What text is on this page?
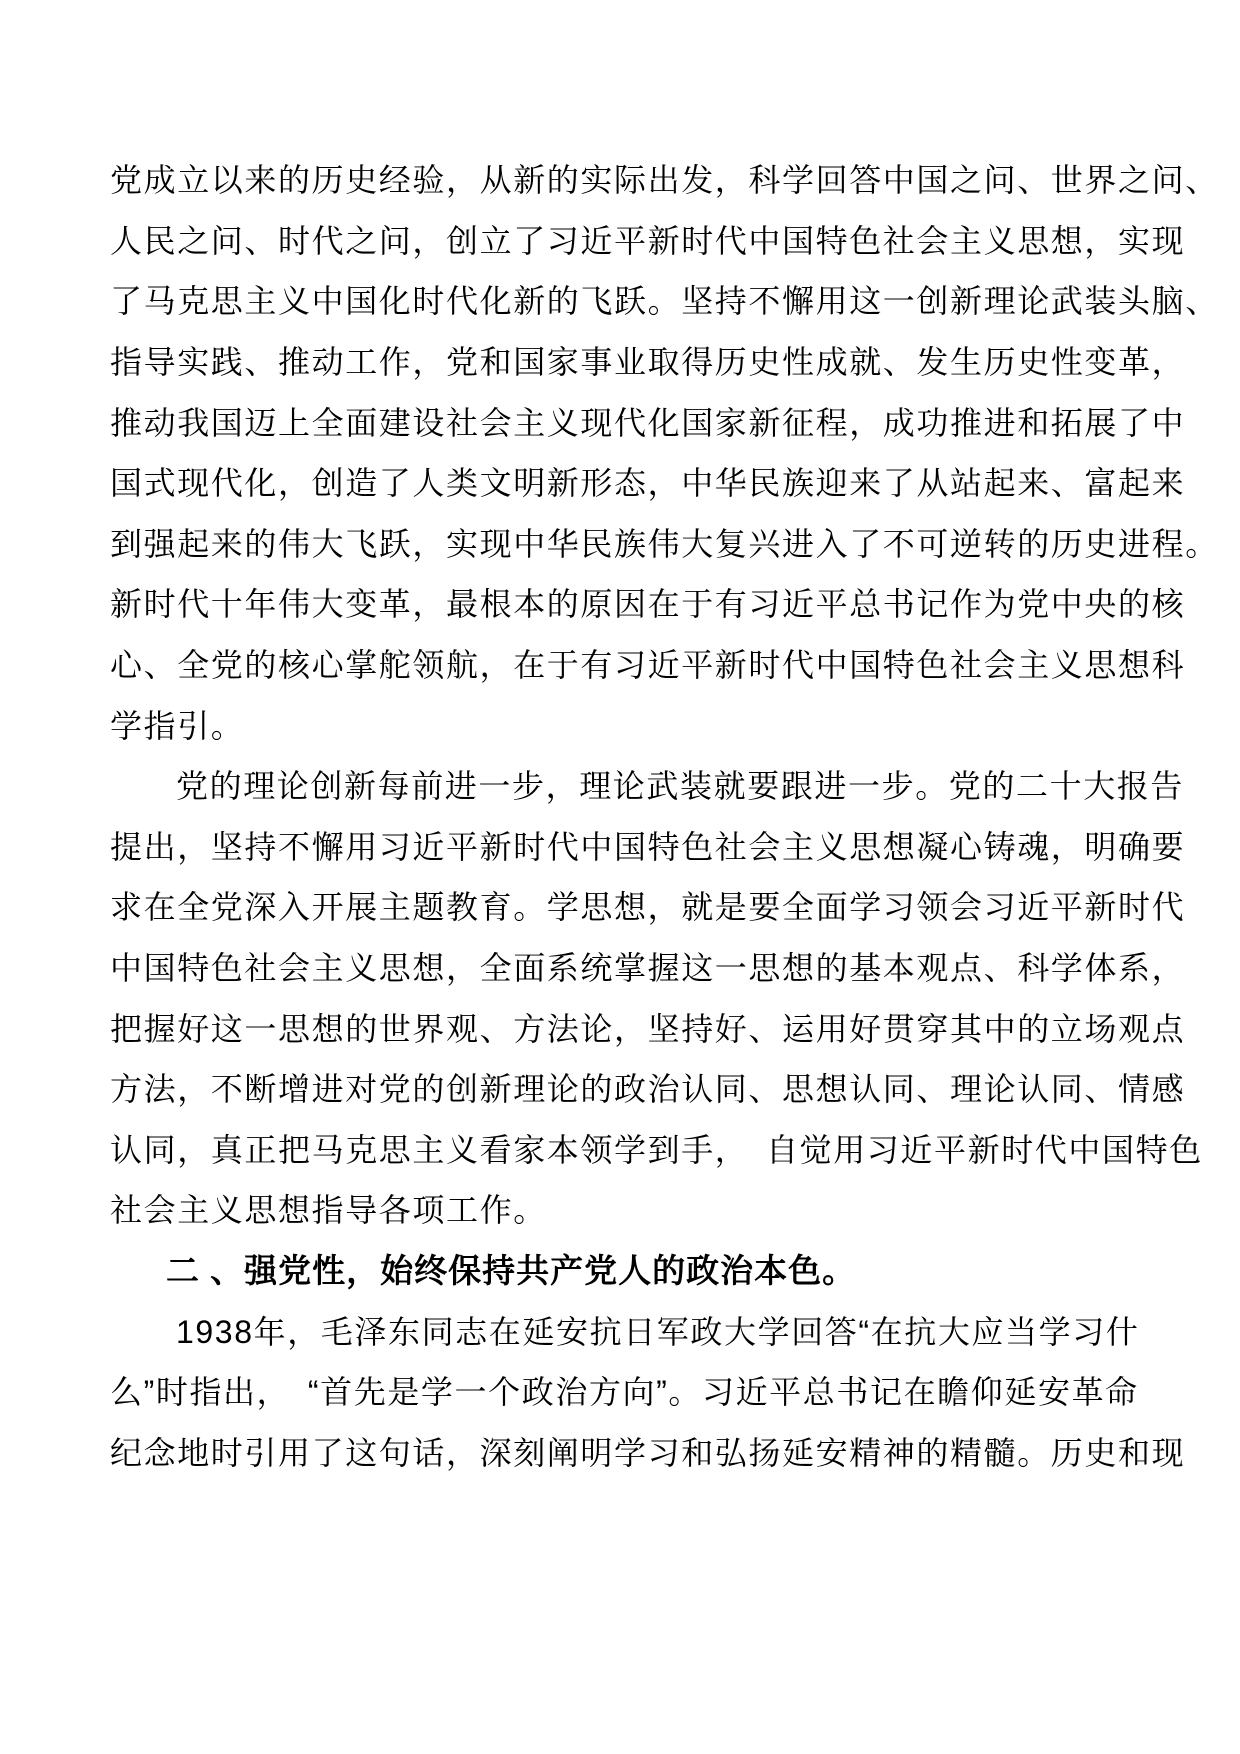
党成立以来的历史经验，从新的实际出发，科学回答中国之问、世界之问、
人民之问、时代之问，创立了习近平新时代中国特色社会主义思想，实现
了马克思主义中国化时代化新的飞跃。坚持不懈用这一创新理论武装头脑、
指导实践、推动工作，党和国家事业取得历史性成就、发生历史性变革，
推动我国迈上全面建设社会主义现代化国家新征程，成功推进和拓展了中
国式现代化，创造了人类文明新形态，中华民族迎来了从站起来、富起来
到强起来的伟大飞跃，实现中华民族伟大复兴进入了不可逆转的历史进程。
新时代十年伟大变革，最根本的原因在于有习近平总书记作为党中央的核
心、全党的核心掌舵领航，在于有习近平新时代中国特色社会主义思想科
学指引。
党的理论创新每前进一步，理论武装就要跟进一步。党的二十大报告
提出，坚持不懈用习近平新时代中国特色社会主义思想凝心铸魂，明确要
求在全党深入开展主题教育。学思想，就是要全面学习领会习近平新时代
中国特色社会主义思想，全面系统掌握这一思想的基本观点、科学体系，
把握好这一思想的世界观、方法论，坚持好、运用好贯穿其中的立场观点
方法，不断增进对党的创新理论的政治认同、思想认同、理论认同、情感
认同，真正把马克思主义看家本领学到手，　自觉用习近平新时代中国特色
社会主义思想指导各项工作。
二 、强党性，始终保持共产党人的政治本色。
1938年，毛泽东同志在延安抗日军政大学回答“在抗大应当学习什
么”时指出，　“首先是学一个政治方向”。习近平总书记在瞻仰延安革命
纪念地时引用了这句话，深刻阐明学习和弘扬延安精神的精髓。历史和现
